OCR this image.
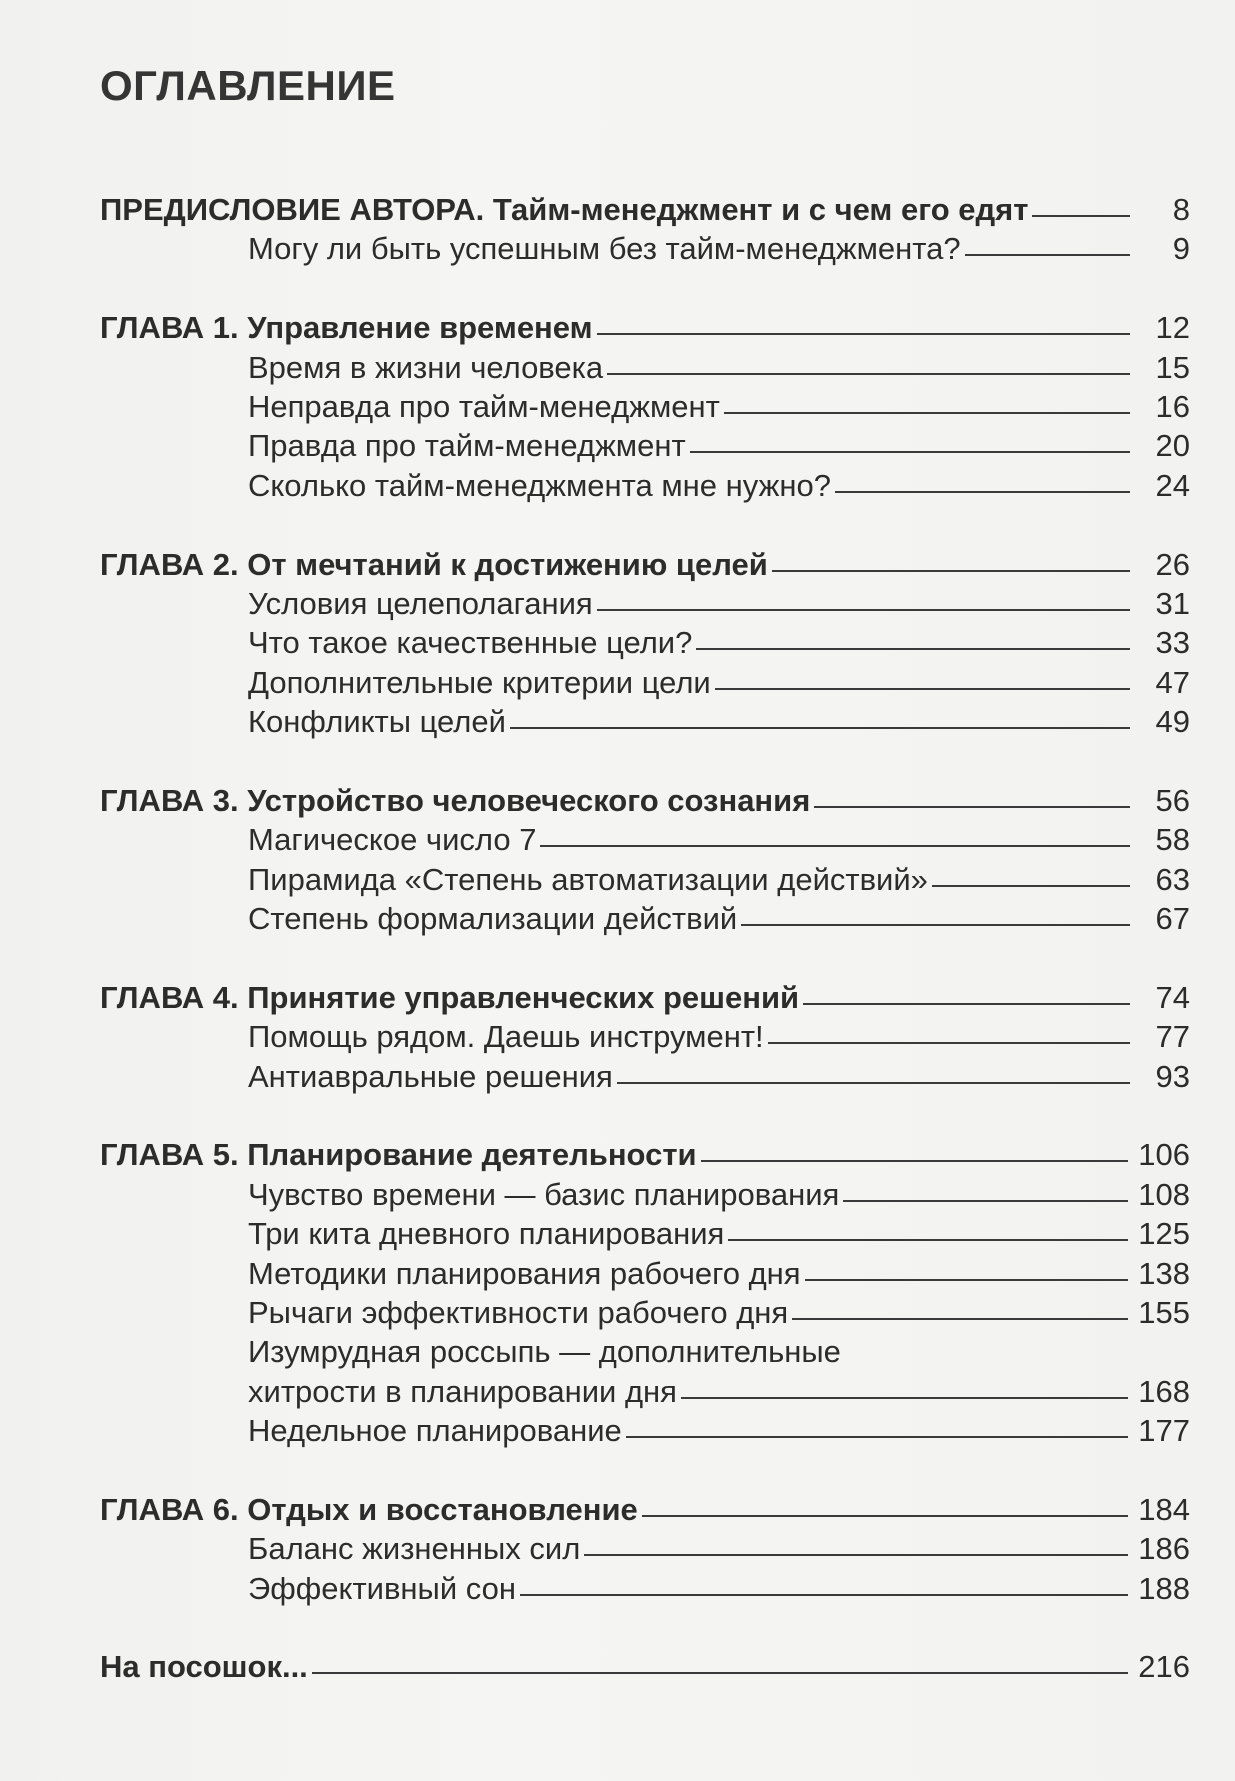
ОГЛАВЛЕНИЕ
ПРЕДИСЛОВИЕ АВТОРА. Тайм-менеджмент и с чем его едят	8
Могу ли быть успешным без тайм-менеджмента?	9
ГЛАВА 1. Управление временем	12
Время в жизни человека	15
Неправда про тайм-менеджмент	16
Правда про тайм-менеджмент	20
Сколько тайм-менеджмента мне нужно?	24
ГЛАВА 2. От мечтаний к достижению целей	26
Условия целеполагания	31
Что такое качественные цели?	33
Дополнительные критерии цели	47
Конфликты целей	49
ГЛАВА 3. Устройство человеческого сознания	56
Магическое число 7	58
Пирамида «Степень автоматизации действий»	63
Степень формализации действий	67
ГЛАВА 4. Принятие управленческих решений	74
Помощь рядом. Даешь инструмент!	77
Антиавральные решения	93
ГЛАВА 5. Планирование деятельности	106
Чувство времени — базис планирования	108
Три кита дневного планирования	125
Методики планирования рабочего дня	138
Рычаги эффективности рабочего дня	155
Изумрудная россыпь — дополнительные
хитрости в планировании дня	168
Недельное планирование	177
ГЛАВА 6. Отдых и восстановление	184
Баланс жизненных сил	186
Эффективный сон	188
На посошок...	216
